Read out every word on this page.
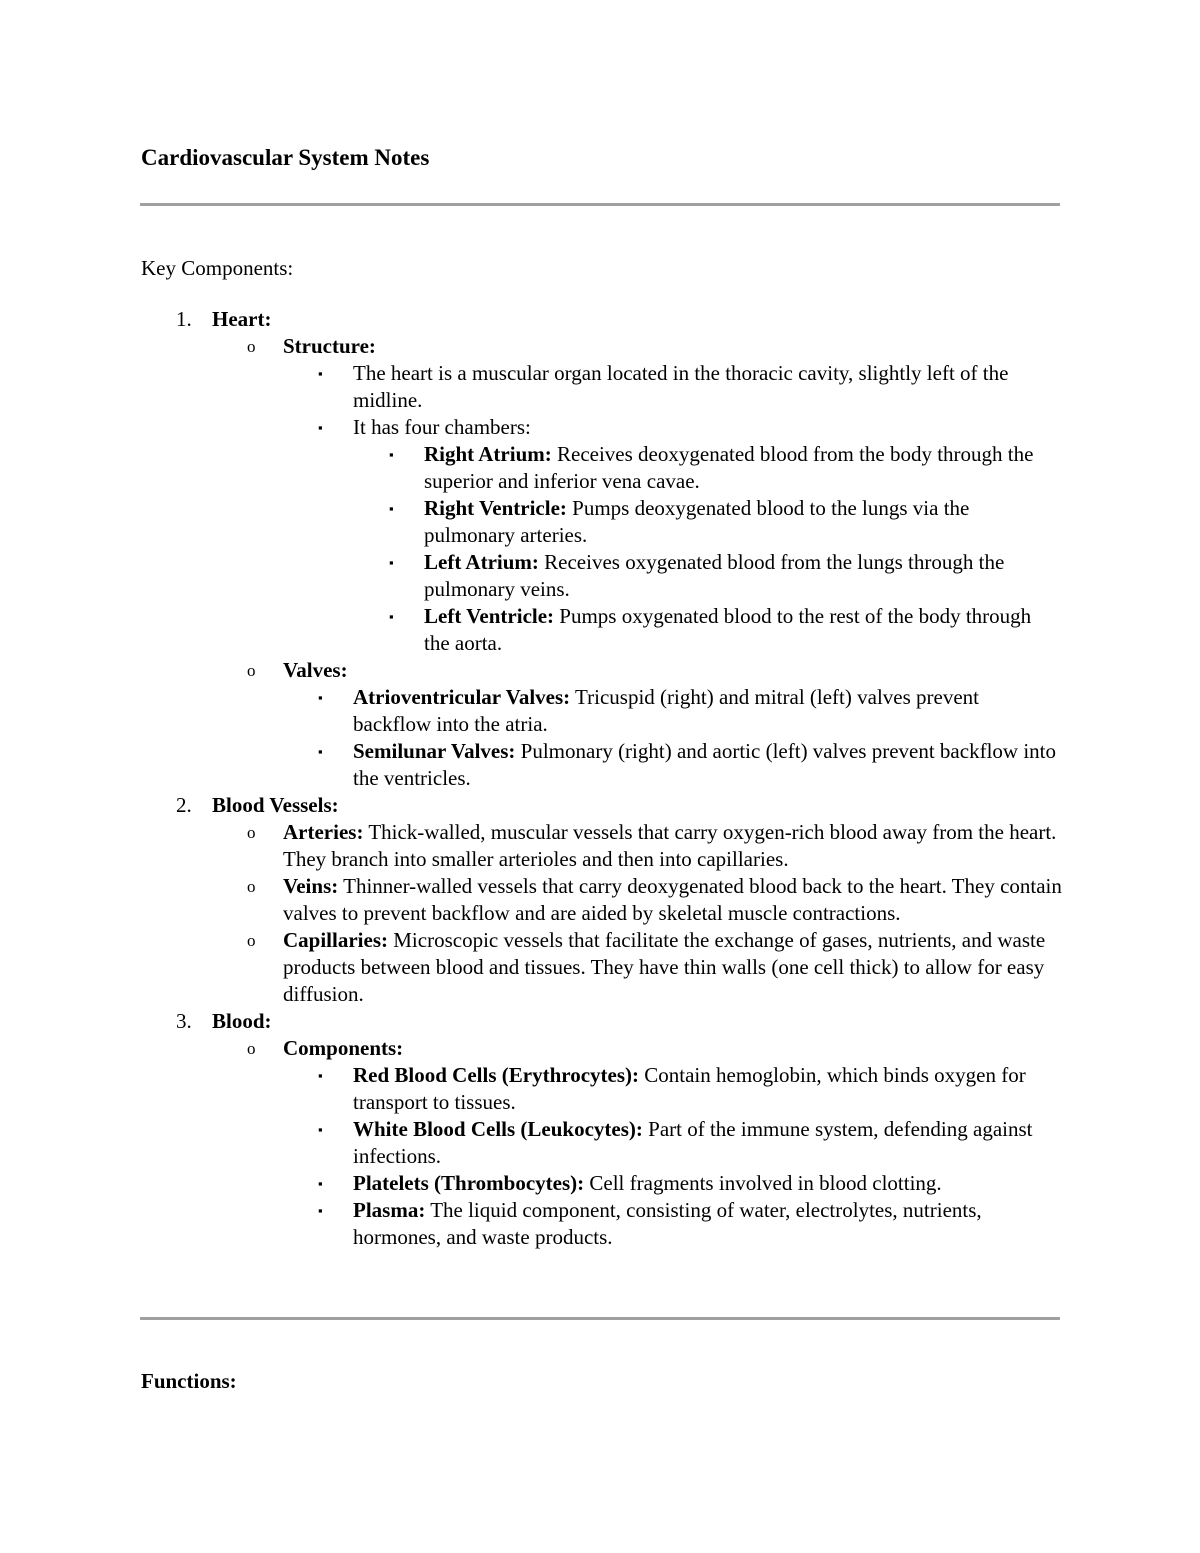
Cardiovascular System Notes

Key Components:

1. Heart:
o Structure:
▪ The heart is a muscular organ located in the thoracic cavity, slightly left of the midline.
▪ It has four chambers:
▪ Right Atrium: Receives deoxygenated blood from the body through the superior and inferior vena cavae.
▪ Right Ventricle: Pumps deoxygenated blood to the lungs via the pulmonary arteries.
▪ Left Atrium: Receives oxygenated blood from the lungs through the pulmonary veins.
▪ Left Ventricle: Pumps oxygenated blood to the rest of the body through the aorta.
o Valves:
▪ Atrioventricular Valves: Tricuspid (right) and mitral (left) valves prevent backflow into the atria.
▪ Semilunar Valves: Pulmonary (right) and aortic (left) valves prevent backflow into the ventricles.
2. Blood Vessels:
o Arteries: Thick-walled, muscular vessels that carry oxygen-rich blood away from the heart. They branch into smaller arterioles and then into capillaries.
o Veins: Thinner-walled vessels that carry deoxygenated blood back to the heart. They contain valves to prevent backflow and are aided by skeletal muscle contractions.
o Capillaries: Microscopic vessels that facilitate the exchange of gases, nutrients, and waste products between blood and tissues. They have thin walls (one cell thick) to allow for easy diffusion.
3. Blood:
o Components:
▪ Red Blood Cells (Erythrocytes): Contain hemoglobin, which binds oxygen for transport to tissues.
▪ White Blood Cells (Leukocytes): Part of the immune system, defending against infections.
▪ Platelets (Thrombocytes): Cell fragments involved in blood clotting.
▪ Plasma: The liquid component, consisting of water, electrolytes, nutrients, hormones, and waste products.

Functions:
